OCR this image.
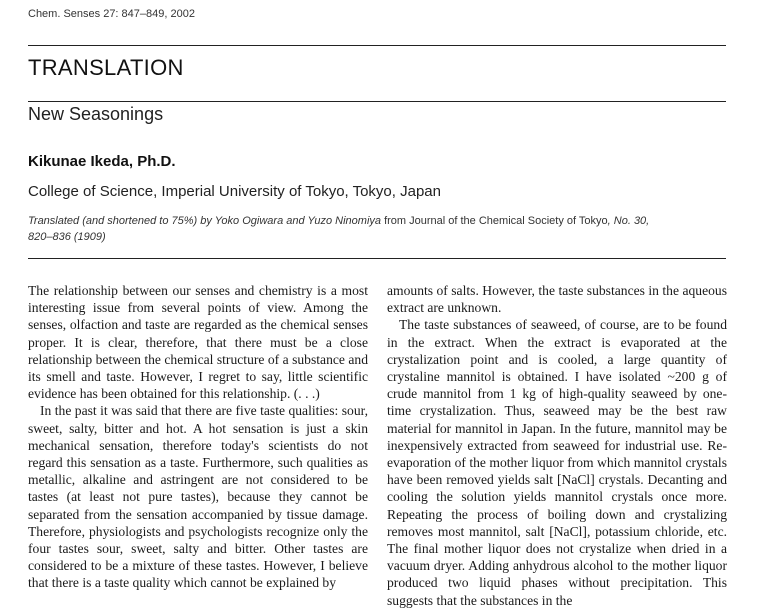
Chem. Senses 27: 847–849, 2002
TRANSLATION
New Seasonings
Kikunae Ikeda, Ph.D.
College of Science, Imperial University of Tokyo, Tokyo, Japan
Translated (and shortened to 75%) by Yoko Ogiwara and Yuzo Ninomiya from Journal of the Chemical Society of Tokyo, No. 30,
820–836 (1909)

The relationship between our senses and chemistry is a most interesting issue from several points of view. Among the senses, olfaction and taste are regarded as the chemical senses proper. It is clear, therefore, that there must be a close relationship between the chemical structure of a substance and its smell and taste. However, I regret to say, little scientific evidence has been obtained for this relationship. (. . .)

In the past it was said that there are five taste qualities: sour, sweet, salty, bitter and hot. A hot sensation is just a skin mechanical sensation, therefore today's scientists do not regard this sensation as a taste. Furthermore, such qualities as metallic, alkaline and astringent are not considered to be tastes (at least not pure tastes), because they cannot be separated from the sensation accompanied by tissue damage. Therefore, physiologists and psychologists recognize only the four tastes sour, sweet, salty and bitter. Other tastes are considered to be a mixture of these tastes. However, I believe that there is a taste quality which cannot be explained by

amounts of salts. However, the taste substances in the aqueous extract are unknown.

The taste substances of seaweed, of course, are to be found in the extract. When the extract is evaporated at the crystalization point and is cooled, a large quantity of crystaline mannitol is obtained. I have isolated ~200 g of crude mannitol from 1 kg of high-quality seaweed by one-time crystalization. Thus, seaweed may be the best raw material for mannitol in Japan. In the future, mannitol may be inexpensively extracted from seaweed for industrial use. Re-evaporation of the mother liquor from which mannitol crystals have been removed yields salt [NaCl] crystals. Decanting and cooling the solution yields mannitol crystals once more. Repeating the process of boiling down and crystalizing removes most mannitol, salt [NaCl], potassium chloride, etc. The final mother liquor does not crystalize when dried in a vacuum dryer. Adding anhydrous alcohol to the mother liquor produced two liquid phases without precipitation. This suggests that the substances in the
